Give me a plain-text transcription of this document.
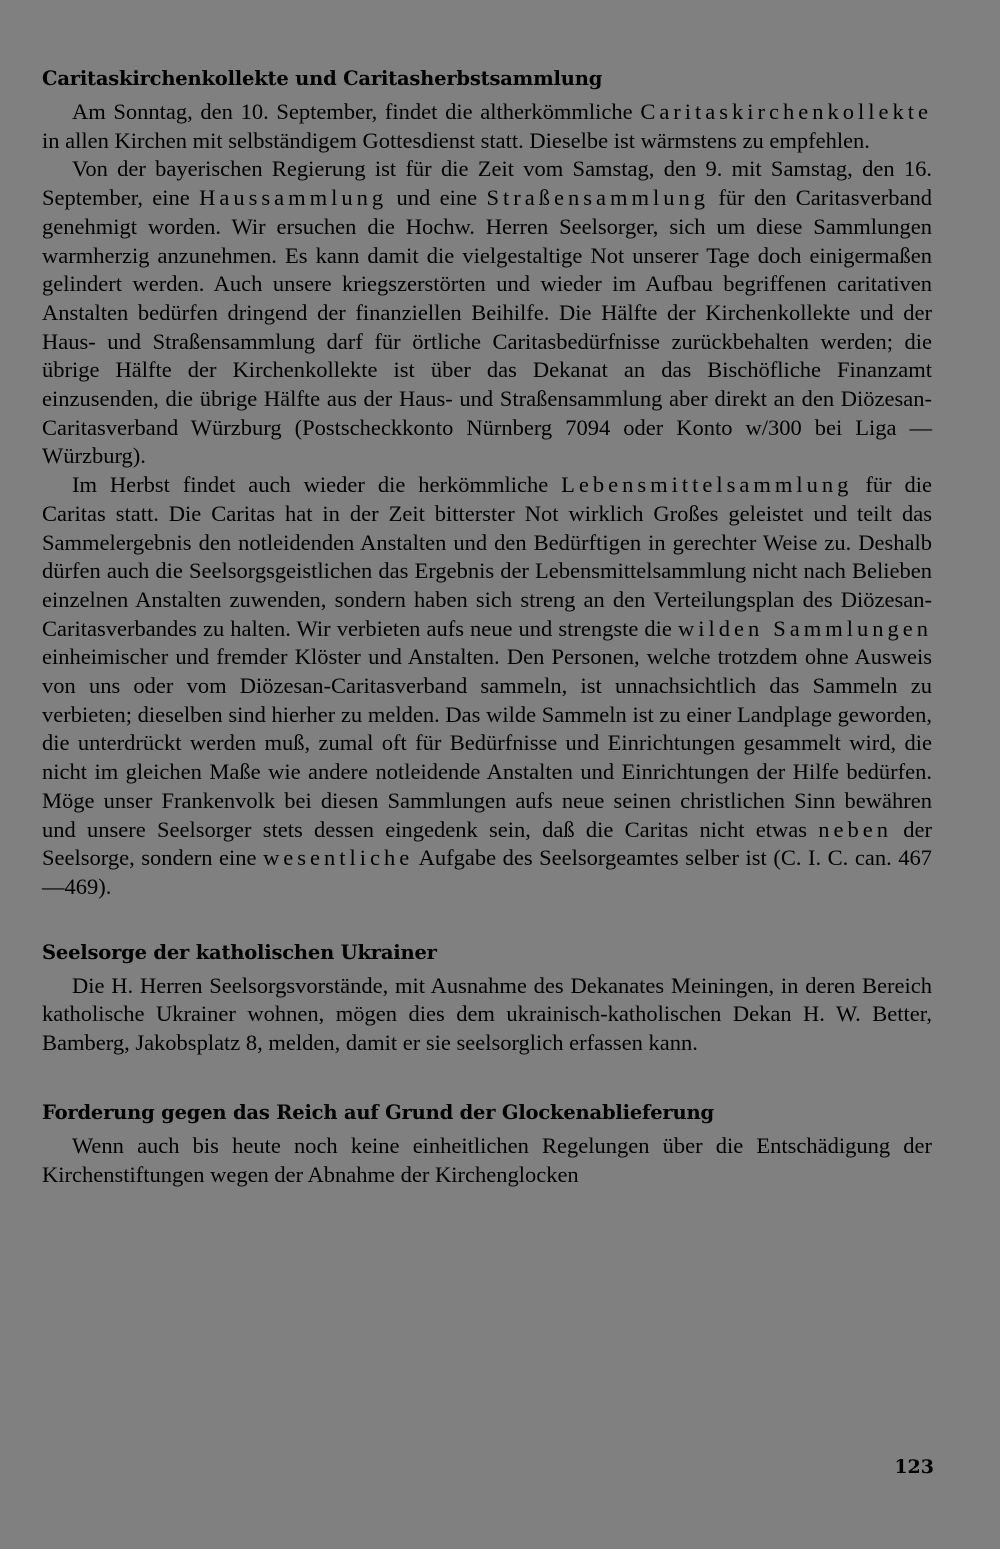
Caritaskirchenkollekte und Caritasherbstsammlung

Am Sonntag, den 10. September, findet die altherkömmliche Caritaskirchenkollekte in allen Kirchen mit selbständigem Gottesdienst statt. Dieselbe ist wärmstens zu empfehlen.

Von der bayerischen Regierung ist für die Zeit vom Samstag, den 9. mit Samstag, den 16. September, eine Haussammlung und eine Straßensammlung für den Caritasverband genehmigt worden. Wir ersuchen die Hochw. Herren Seelsorger, sich um diese Sammlungen warmherzig anzunehmen. Es kann damit die vielgestaltige Not unserer Tage doch einigermaßen gelindert werden. Auch unsere kriegszerstörten und wieder im Aufbau begriffenen caritativen Anstalten bedürfen dringend der finanziellen Beihilfe. Die Hälfte der Kirchenkollekte und der Haus- und Straßensammlung darf für örtliche Caritasbedürfnisse zurückbehalten werden; die übrige Hälfte der Kirchenkollekte ist über das Dekanat an das Bischöfliche Finanzamt einzusenden, die übrige Hälfte aus der Haus- und Straßensammlung aber direkt an den Diözesan-Caritasverband Würzburg (Postscheckkonto Nürnberg 7094 oder Konto w/300 bei Liga — Würzburg).

Im Herbst findet auch wieder die herkömmliche Lebensmittelsammlung für die Caritas statt. Die Caritas hat in der Zeit bitterster Not wirklich Großes geleistet und teilt das Sammelergebnis den notleidenden Anstalten und den Bedürftigen in gerechter Weise zu. Deshalb dürfen auch die Seelsorgsgeistlichen das Ergebnis der Lebensmittelsammlung nicht nach Belieben einzelnen Anstalten zuwenden, sondern haben sich streng an den Verteilungsplan des Diözesan-Caritasverbandes zu halten. Wir verbieten aufs neue und strengste die wilden Sammlungen einheimischer und fremder Klöster und Anstalten. Den Personen, welche trotzdem ohne Ausweis von uns oder vom Diözesan-Caritasverband sammeln, ist unnachsichtlich das Sammeln zu verbieten; dieselben sind hierher zu melden. Das wilde Sammeln ist zu einer Landplage geworden, die unterdrückt werden muß, zumal oft für Bedürfnisse und Einrichtungen gesammelt wird, die nicht im gleichen Maße wie andere notleidende Anstalten und Einrichtungen der Hilfe bedürfen. Möge unser Frankenvolk bei diesen Sammlungen aufs neue seinen christlichen Sinn bewähren und unsere Seelsorger stets dessen eingedenk sein, daß die Caritas nicht etwas neben der Seelsorge, sondern eine wesentliche Aufgabe des Seelsorgeamtes selber ist (C. I. C. can. 467—469).

Seelsorge der katholischen Ukrainer

Die H. Herren Seelsorgsvorstände, mit Ausnahme des Dekanates Meiningen, in deren Bereich katholische Ukrainer wohnen, mögen dies dem ukrainisch-katholischen Dekan H. W. Better, Bamberg, Jakobsplatz 8, melden, damit er sie seelsorglich erfassen kann.

Forderung gegen das Reich auf Grund der Glockenablieferung

Wenn auch bis heute noch keine einheitlichen Regelungen über die Entschädigung der Kirchenstiftungen wegen der Abnahme der Kirchenglocken

123
